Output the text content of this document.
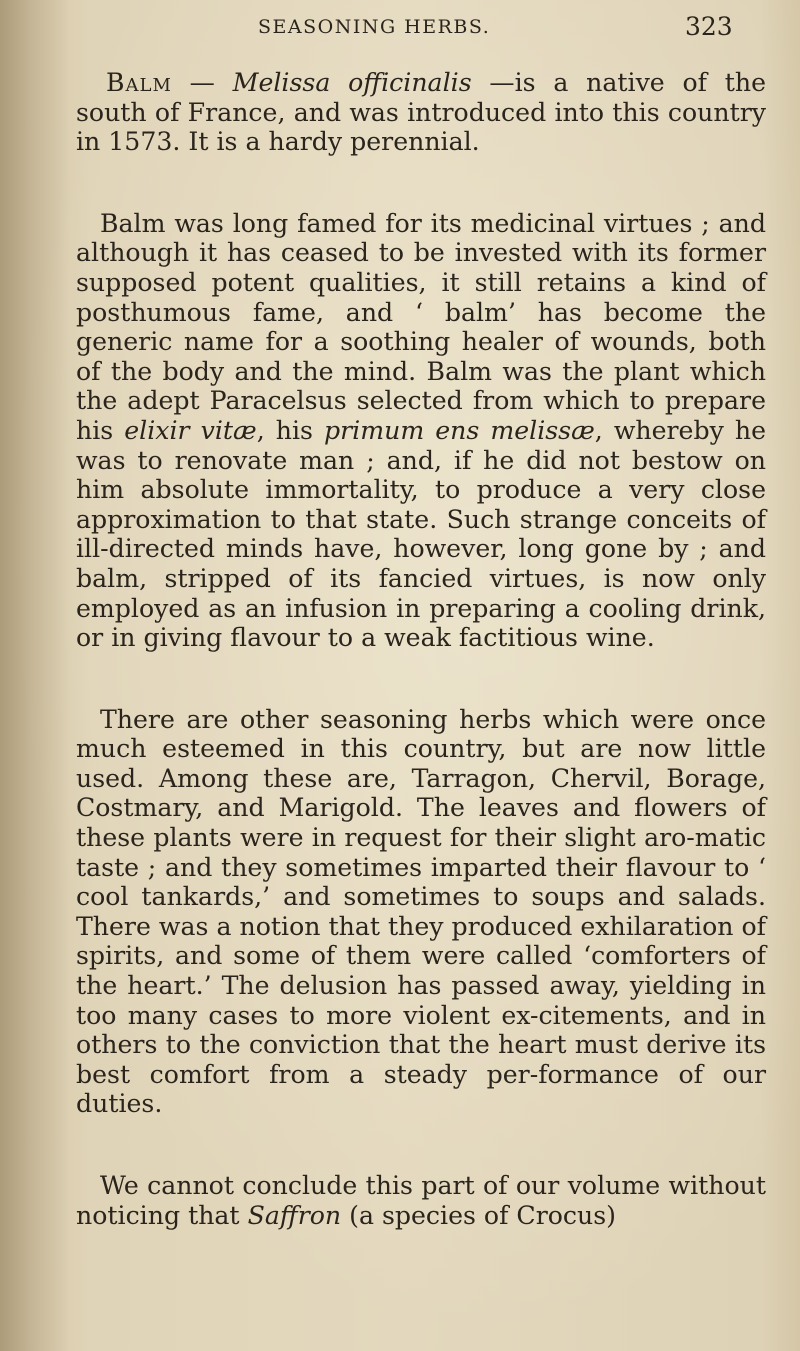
SEASONING HERBS.	323

Balm — Melissa officinalis —is a native of the south of France, and was introduced into this country in 1573. It is a hardy perennial.

Balm was long famed for its medicinal virtues ; and although it has ceased to be invested with its former supposed potent qualities, it still retains a kind of posthumous fame, and ‘ balm’ has become the generic name for a soothing healer of wounds, both of the body and the mind. Balm was the plant which the adept Paracelsus selected from which to prepare his elixir vitæ, his primum ens melissæ, whereby he was to renovate man ; and, if he did not bestow on him absolute immortality, to produce a very close approximation to that state. Such strange conceits of ill-directed minds have, however, long gone by ; and balm, stripped of its fancied virtues, is now only employed as an infusion in preparing a cooling drink, or in giving flavour to a weak factitious wine.

There are other seasoning herbs which were once much esteemed in this country, but are now little used. Among these are, Tarragon, Chervil, Borage, Costmary, and Marigold. The leaves and flowers of these plants were in request for their slight aro-matic taste ; and they sometimes imparted their flavour to ‘ cool tankards,’ and sometimes to soups and salads. There was a notion that they produced exhilaration of spirits, and some of them were called ‘comforters of the heart.’ The delusion has passed away, yielding in too many cases to more violent ex-citements, and in others to the conviction that the heart must derive its best comfort from a steady per-formance of our duties.

We cannot conclude this part of our volume without noticing that Saffron (a species of Crocus)
